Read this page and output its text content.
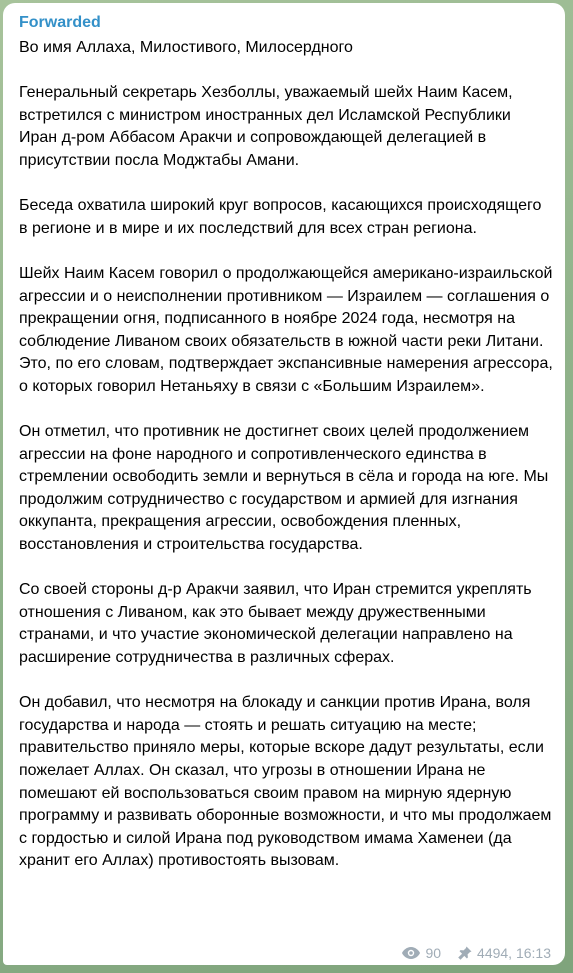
Forwarded

Во имя Аллаха, Милостивого, Милосердного

Генеральный секретарь Хезболлы, уважаемый шейх Наим Касем, встретился с министром иностранных дел Исламской Республики Иран д-ром Аббасом Аракчи и сопровождающей делегацией в присутствии посла Моджтабы Амани.

Беседа охватила широкий круг вопросов, касающихся происходящего в регионе и в мире и их последствий для всех стран региона.

Шейх Наим Касем говорил о продолжающейся американо-израильской агрессии и о неисполнении противником — Израилем — соглашения о прекращении огня, подписанного в ноябре 2024 года, несмотря на соблюдение Ливаном своих обязательств в южной части реки Литани. Это, по его словам, подтверждает экспансивные намерения агрессора, о которых говорил Нетаньяху в связи с «Большим Израилем».

Он отметил, что противник не достигнет своих целей продолжением агрессии на фоне народного и сопротивленческого единства в стремлении освободить земли и вернуться в сёла и города на юге. Мы продолжим сотрудничество с государством и армией для изгнания оккупанта, прекращения агрессии, освобождения пленных, восстановления и строительства государства.

Со своей стороны д-р Аракчи заявил, что Иран стремится укреплять отношения с Ливаном, как это бывает между дружественными странами, и что участие экономической делегации направлено на расширение сотрудничества в различных сферах.

Он добавил, что несмотря на блокаду и санкции против Ирана, воля государства и народа — стоять и решать ситуацию на месте; правительство приняло меры, которые вскоре дадут результаты, если пожелает Аллах. Он сказал, что угрозы в отношении Ирана не помешают ей воспользоваться своим правом на мирную ядерную программу и развивать оборонные возможности, и что мы продолжаем с гордостью и силой Ирана под руководством имама Хаменеи (да хранит его Аллах) противостоять вызовам.

90	4494, 16:13
